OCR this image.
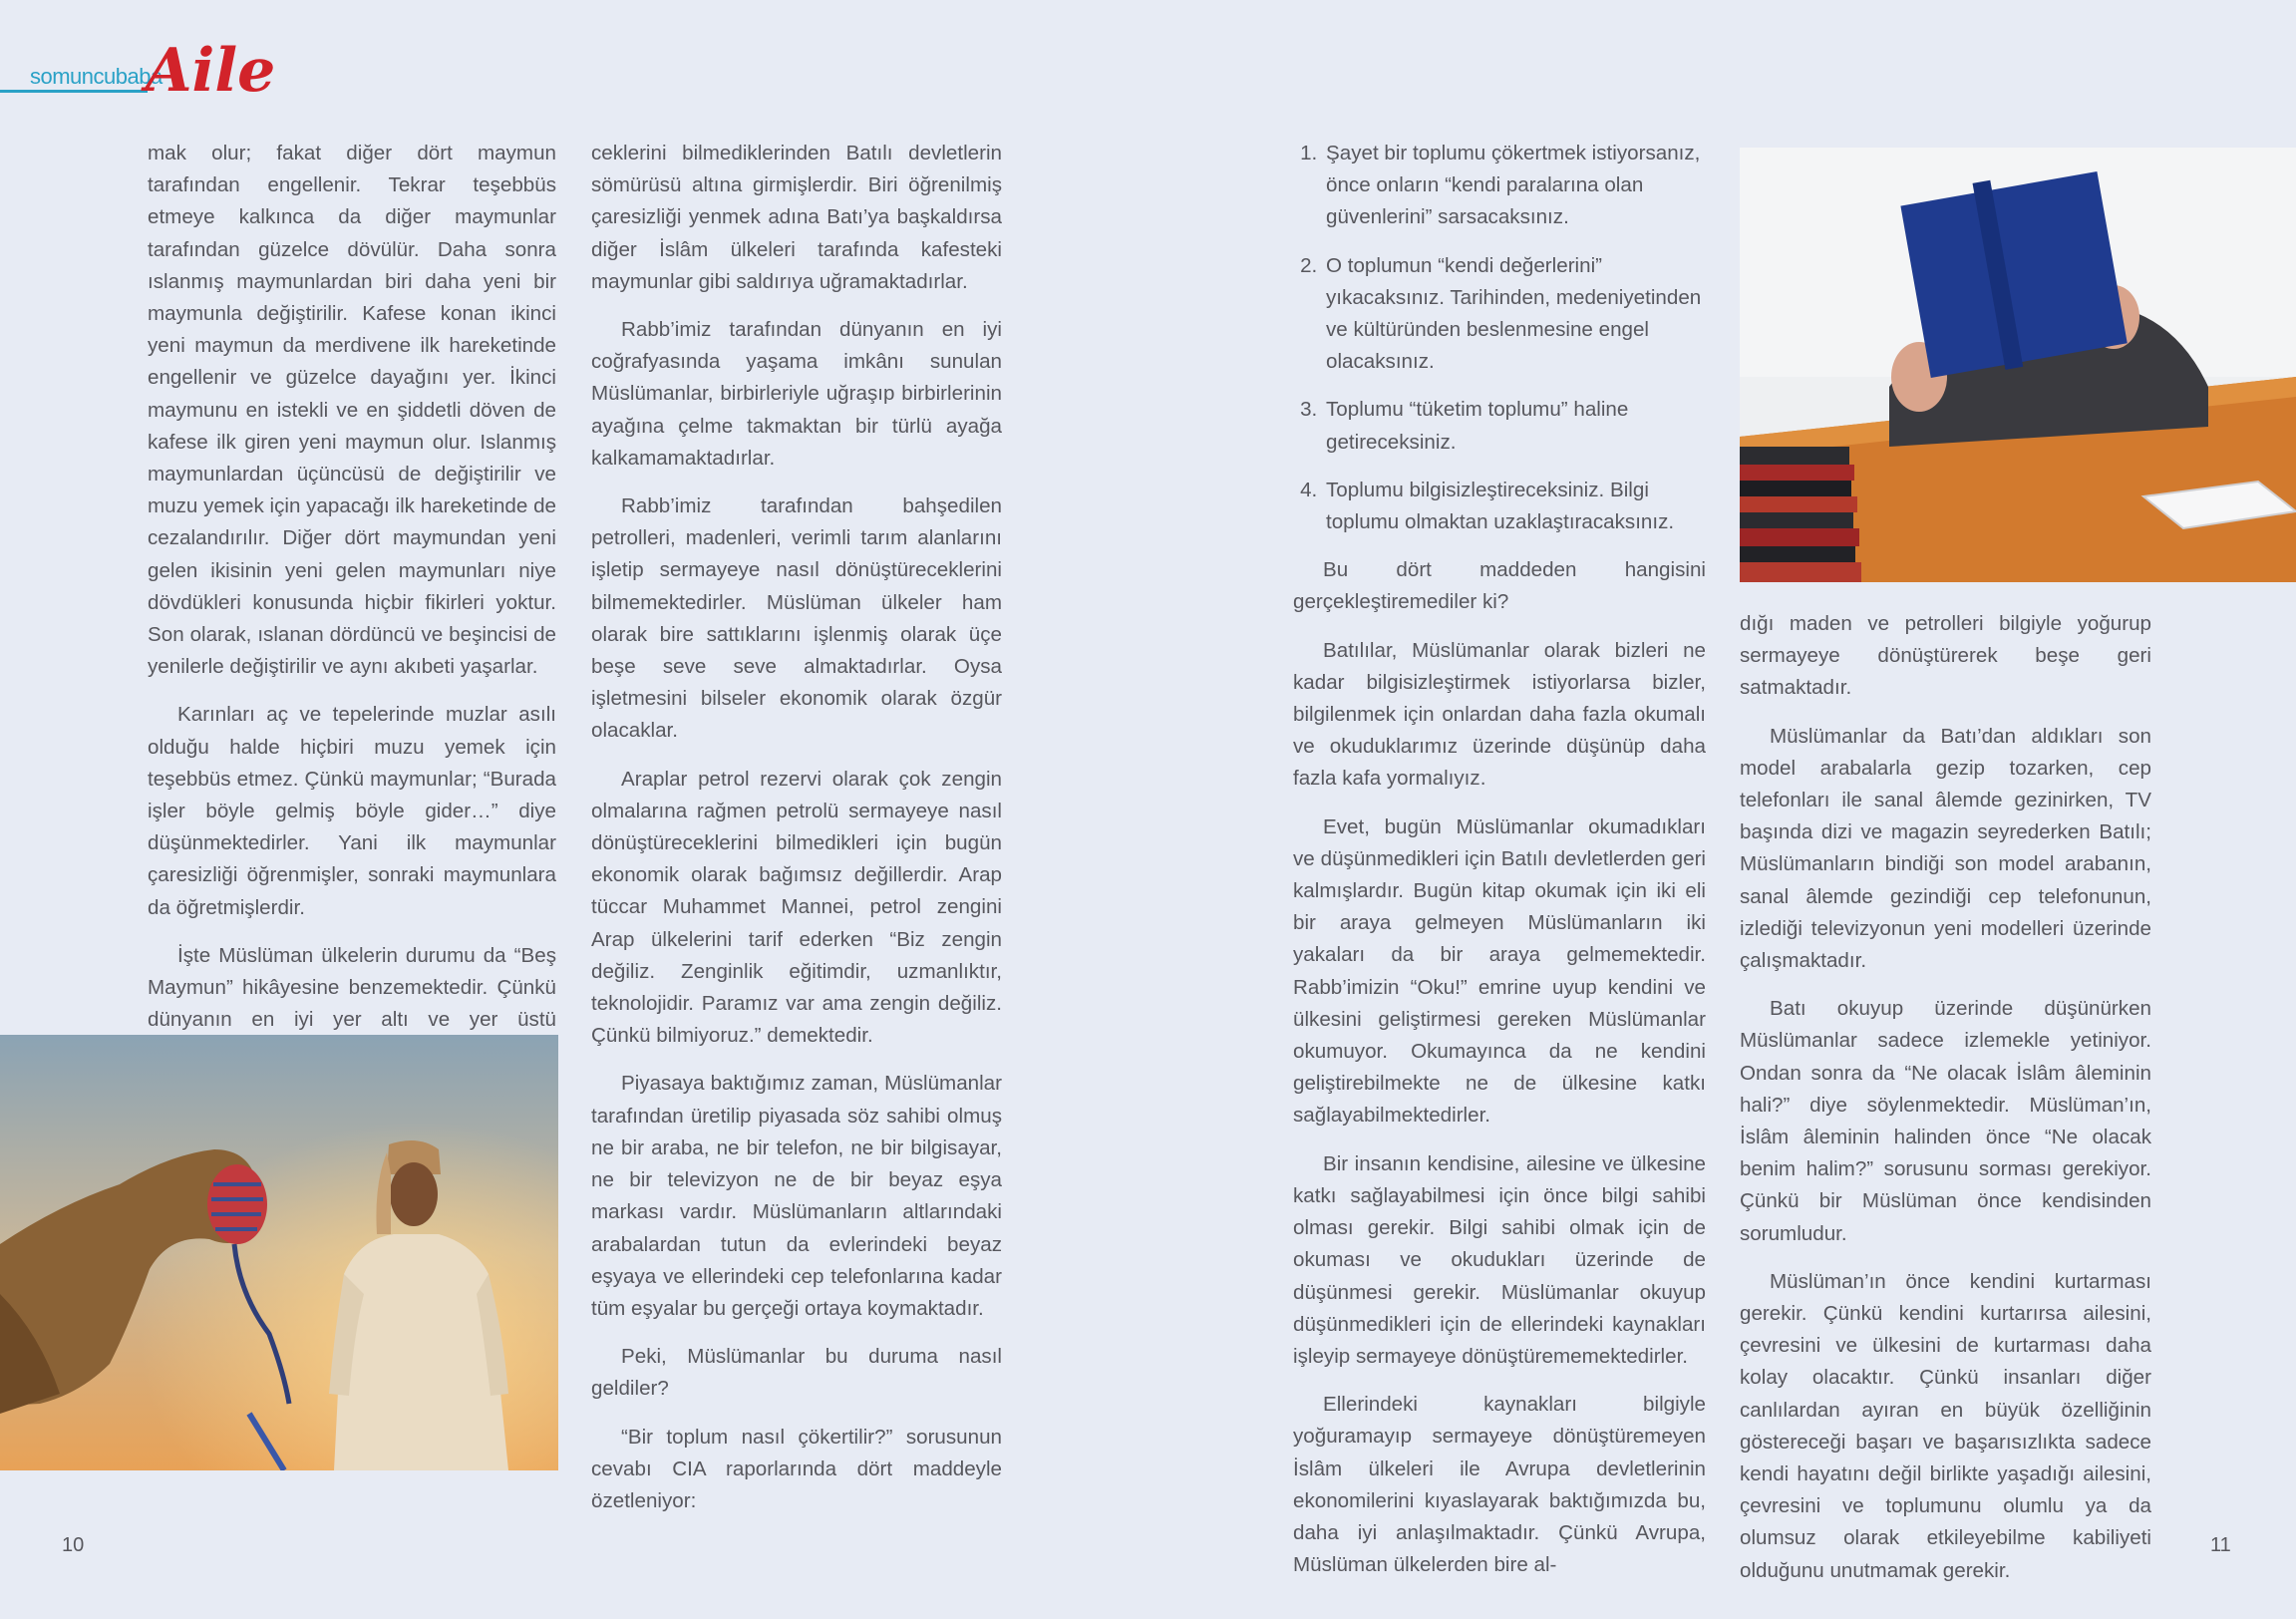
somuncubaba
Aile

mak olur; fakat diğer dört maymun tarafından engellenir. Tekrar teşebbüs etmeye kalkınca da diğer maymunlar tarafından güzelce dövülür. Daha sonra ıslanmış maymunlardan biri daha yeni bir maymunla değiştirilir. Kafese konan ikinci yeni maymun da merdivene ilk hareketinde engellenir ve güzelce dayağını yer. İkinci maymunu en istekli ve en şiddetli döven de kafese ilk giren yeni maymun olur. Islanmış maymunlardan üçüncüsü de değiştirilir ve muzu yemek için yapacağı ilk hareketinde de cezalandırılır. Diğer dört maymundan yeni gelen ikisinin yeni gelen maymunları niye dövdükleri konusunda hiçbir fikirleri yoktur. Son olarak, ıslanan dördüncü ve beşincisi de yenilerle değiştirilir ve aynı akıbeti yaşarlar.

Karınları aç ve tepelerinde muzlar asılı olduğu halde hiçbiri muzu yemek için teşebbüs etmez. Çünkü maymunlar; “Burada işler böyle gelmiş böyle gider…” diye düşünmektedirler. Yani ilk maymunlar çaresizliği öğrenmişler, sonraki maymunlara da öğretmişlerdir.

İşte Müslüman ülkelerin durumu da “Beş Maymun” hikâyesine benzemektedir. Çünkü dünyanın en iyi yer altı ve yer üstü

ceklerini bilmediklerinden Batılı devletlerin sömürüsü altına girmişlerdir. Biri öğrenilmiş çaresizliği yenmek adına Batı’ya başkaldırsa diğer İslâm ülkeleri tarafında kafesteki maymunlar gibi saldırıya uğramaktadırlar.

Rabb’imiz tarafından dünyanın en iyi coğrafyasında yaşama imkânı sunulan Müslümanlar, birbirleriyle uğraşıp birbirlerinin ayağına çelme takmaktan bir türlü ayağa kalkamamaktadırlar.

Rabb’imiz tarafından bahşedilen petrolleri, madenleri, verimli tarım alanlarını işletip sermayeye nasıl dönüştüreceklerini bilmemektedirler. Müslüman ülkeler ham olarak bire sattıklarını işlenmiş olarak üçe beşe seve seve almaktadırlar. Oysa işletmesini bilseler ekonomik olarak özgür olacaklar.

Araplar petrol rezervi olarak çok zengin olmalarına rağmen petrolü sermayeye nasıl dönüştüreceklerini bilmedikleri için bugün ekonomik olarak bağımsız değillerdir. Arap tüccar Muhammet Mannei, petrol zengini Arap ülkelerini tarif ederken “Biz zengin değiliz. Zenginlik eğitimdir, uzmanlıktır, teknolojidir. Paramız var ama zengin değiliz. Çünkü bilmiyoruz.” demektedir.

Piyasaya baktığımız zaman, Müslümanlar tarafından üretilip piyasada söz sahibi olmuş ne bir araba, ne bir telefon, ne bir bilgisayar, ne bir televizyon ne de bir beyaz eşya markası vardır. Müslümanların altlarındaki arabalardan tutun da evlerindeki beyaz eşyaya ve ellerindeki cep telefonlarına kadar tüm eşyalar bu gerçeği ortaya koymaktadır.

Peki, Müslümanlar bu duruma nasıl geldiler?

“Bir toplum nasıl çökertilir?” sorusunun cevabı CIA raporlarında dört maddeyle özetleniyor:

1. Şayet bir toplumu çökertmek istiyorsanız, önce onların “kendi paralarına olan güvenlerini” sarsacaksınız.
2. O toplumun “kendi değerlerini” yıkacaksınız. Tarihinden, medeniyetinden ve kültüründen beslenmesine engel olacaksınız.
3. Toplumu “tüketim toplumu” haline getireceksiniz.
4. Toplumu bilgisizleştireceksiniz. Bilgi toplumu olmaktan uzaklaştıracaksınız.

Bu dört maddeden hangisini gerçekleştiremediler ki?

Batılılar, Müslümanlar olarak bizleri ne kadar bilgisizleştirmek istiyorlarsa bizler, bilgilenmek için onlardan daha fazla okumalı ve okuduklarımız üzerinde düşünüp daha fazla kafa yormalıyız.

Evet, bugün Müslümanlar okumadıkları ve düşünmedikleri için Batılı devletlerden geri kalmışlardır. Bugün kitap okumak için iki eli bir araya gelmeyen Müslümanların iki yakaları da bir araya gelmemektedir. Rabb’imizin “Oku!” emrine uyup kendini ve ülkesini geliştirmesi gereken Müslümanlar okumuyor. Okumayınca da ne kendini geliştirebilmekte ne de ülkesine katkı sağlayabilmektedirler.

Bir insanın kendisine, ailesine ve ülkesine katkı sağlayabilmesi için önce bilgi sahibi olması gerekir. Bilgi sahibi olmak için de okuması ve okudukları üzerinde de düşünmesi gerekir. Müslümanlar okuyup düşünmedikleri için de ellerindeki kaynakları işleyip sermayeye dönüştürememektedirler.

Ellerindeki kaynakları bilgiyle yoğuramayıp sermayeye dönüştüremeyen İslâm ülkeleri ile Avrupa devletlerinin ekonomilerini kıyaslayarak baktığımızda bu, daha iyi anlaşılmaktadır. Çünkü Avrupa, Müslüman ülkelerden bire al-

dığı maden ve petrolleri bilgiyle yoğurup sermayeye dönüştürerek beşe geri satmaktadır.

Müslümanlar da Batı’dan aldıkları son model arabalarla gezip tozarken, cep telefonları ile sanal âlemde gezinirken, TV başında dizi ve magazin seyrederken Batılı; Müslümanların bindiği son model arabanın, sanal âlemde gezindiği cep telefonunun, izlediği televizyonun yeni modelleri üzerinde çalışmaktadır.

Batı okuyup üzerinde düşünürken Müslümanlar sadece izlemekle yetiniyor. Ondan sonra da “Ne olacak İslâm âleminin hali?” diye söylenmektedir. Müslüman’ın, İslâm âleminin halinden önce “Ne olacak benim halim?” sorusunu sorması gerekiyor. Çünkü bir Müslüman önce kendisinden sorumludur.

Müslüman’ın önce kendini kurtarması gerekir. Çünkü kendini kurtarırsa ailesini, çevresini ve ülkesini de kurtarması daha kolay olacaktır. Çünkü insanları diğer canlılardan ayıran en büyük özelliğinin göstereceği başarı ve başarısızlıkta sadece kendi hayatını değil birlikte yaşadığı ailesini, çevresini ve toplumunu olumlu ya da olumsuz olarak etkileyebilme kabiliyeti olduğunu unutmamak gerekir.

10	11
